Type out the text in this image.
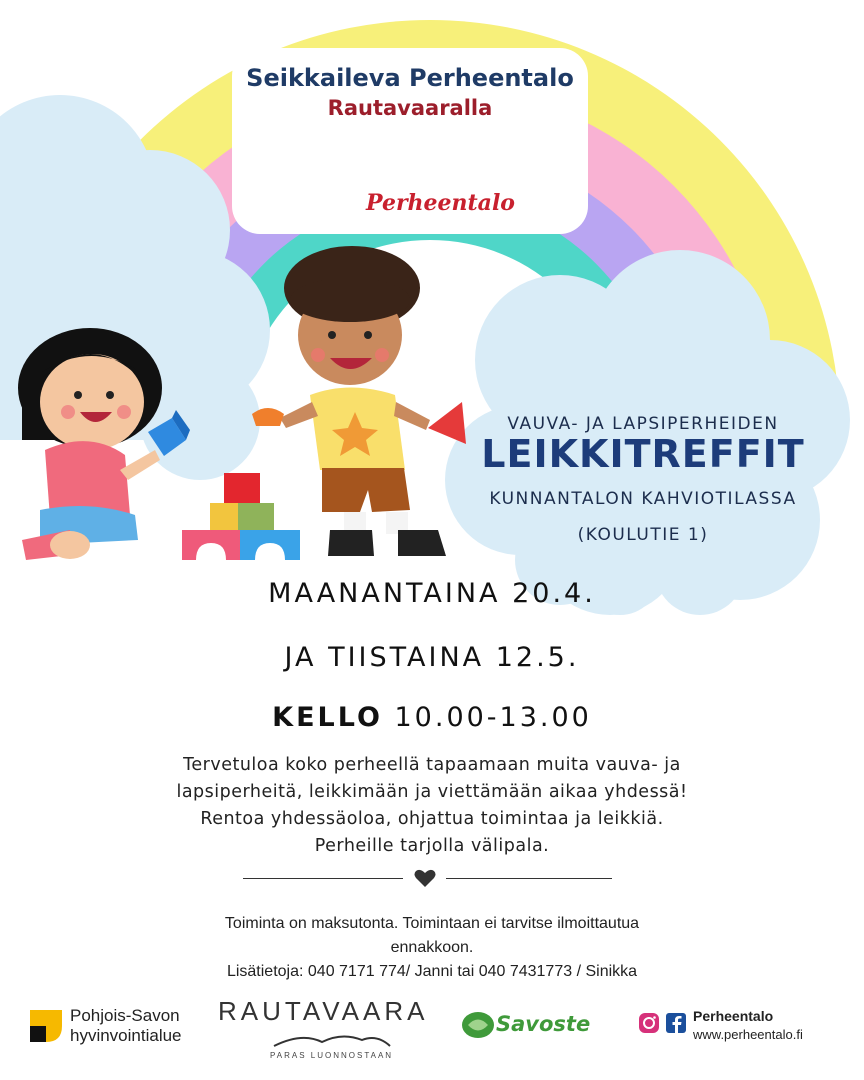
Seikkaileva Perheentalo
Rautavaaralla
Perheentalo
VAUVA- JA LAPSIPERHEIDEN
LEIKKITREFFIT
KUNNANTALON KAHVIOTILASSA
(KOULUTIE 1)
MAANANTAINA 20.4.
JA TIISTAINA 12.5.
KELLO 10.00-13.00
Tervetuloa koko perheellä tapaamaan muita vauva- ja
lapsiperheitä, leikkimään ja viettämään aikaa yhdessä!
Rentoa yhdessäoloa, ohjattua toimintaa ja leikkiä.
Perheille tarjolla välipala.
Toiminta on maksutonta. Toimintaan ei tarvitse ilmoittautua
ennakkoon.
Lisätietoja: 040 7171 774/ Janni tai 040 7431773 / Sinikka
Pohjois-Savon
hyvinvointialue
RAUTAVAARA
PARAS LUONNOSTAAN
Savoste	Perheentalo
www.perheentalo.fi
